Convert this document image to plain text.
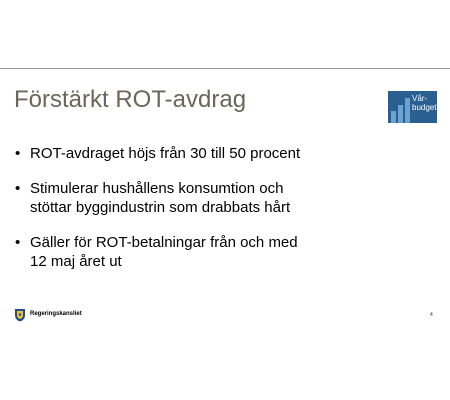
Förstärkt ROT-avdrag	Vår-
budget
• ROT-avdraget höjs från 30 till 50 procent
• Stimulerar hushållens konsumtion och
stöttar byggindustrin som drabbats hårt
• Gäller för ROT-betalningar från och med
12 maj året ut
Regeringskansliet	4
